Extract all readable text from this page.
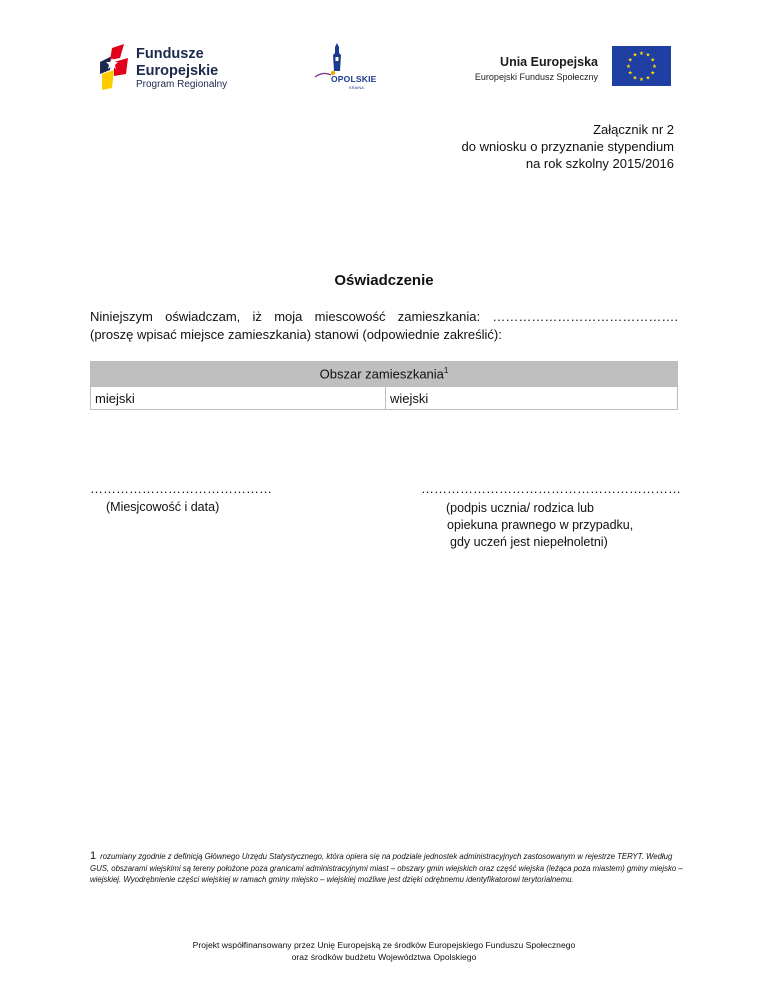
Fundusze
Europejskie
Program Regionalny	OPOLSKIE
KRAINA
Unia Europejska
Europejski Fundusz Społeczny
★ ★
★
★
★
★
★
★
★
★
★
★
Załącznik nr 2
do wniosku o przyznanie stypendium
na rok szkolny 2015/2016
Oświadczenie
Niniejszym oświadczam, iż moja miescowość zamieszkania: …………………………………….
(proszę wpisać miejsce zamieszkania) stanowi (odpowiednie zakreślić):
Obszar zamieszkania$^1$
miejski	wiejski
……………………………………
(Miesjcowość i data)
……………………………………………………
(podpis ucznia/ rodzica lub
opiekuna prawnego w przypadku,
gdy uczeń jest niepełnoletni)
1 rozumiany zgodnie z definicją Głównego Urzędu Statystycznego, która opiera się na podziale jednostek administracyjnych zastosowanym w rejestrze TERYT. Według GUS, obszarami wiejskimi są tereny położone poza granicami administracyjnymi miast – obszary gmin wiejskich oraz część wiejska (leżąca poza miastem) gminy miejsko – wiejskiej. Wyodrębnienie części wiejskiej w ramach gminy miejsko – wiejskiej możliwe jest dzięki odrębnemu identyfikatorowi terytorialnemu.
Projekt współfinansowany przez Unię Europejską ze środków Europejskiego Funduszu Społecznego
oraz środków budżetu Województwa Opolskiego
